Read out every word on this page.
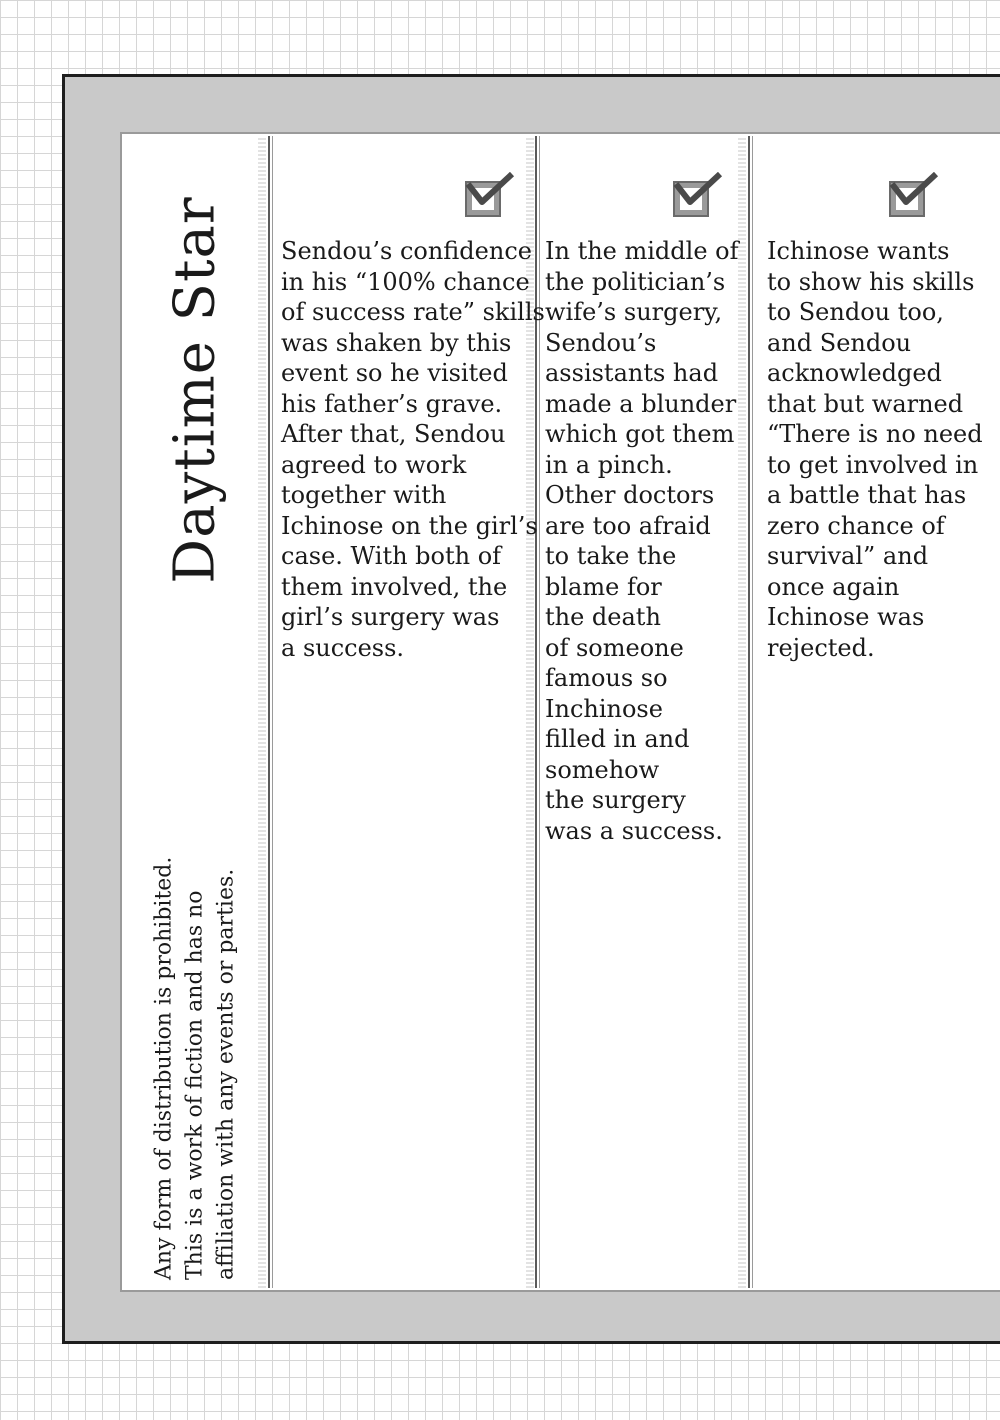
Daytime Star
Any form of distribution is prohibited. This is a work of fiction and has no affiliation with any events or parties.
Sendou’s confidence
in his “100% chance
of success rate” skills
was shaken by this
event so he visited
his father’s grave.
After that, Sendou
agreed to work
together with
Ichinose on the girl’s
case. With both of
them involved, the
girl’s surgery was
a success.
In the middle of
the politician’s
wife’s surgery,
Sendou’s
assistants had
made a blunder
which got them
in a pinch.
Other doctors
are too afraid
to take the
blame for
the death
of someone
famous so
Inchinose
filled in and
somehow
the surgery
was a success.
Ichinose wants
to show his skills
to Sendou too,
and Sendou
acknowledged
that but warned
“There is no need
to get involved in
a battle that has
zero chance of
survival” and
once again
Ichinose was
rejected.
